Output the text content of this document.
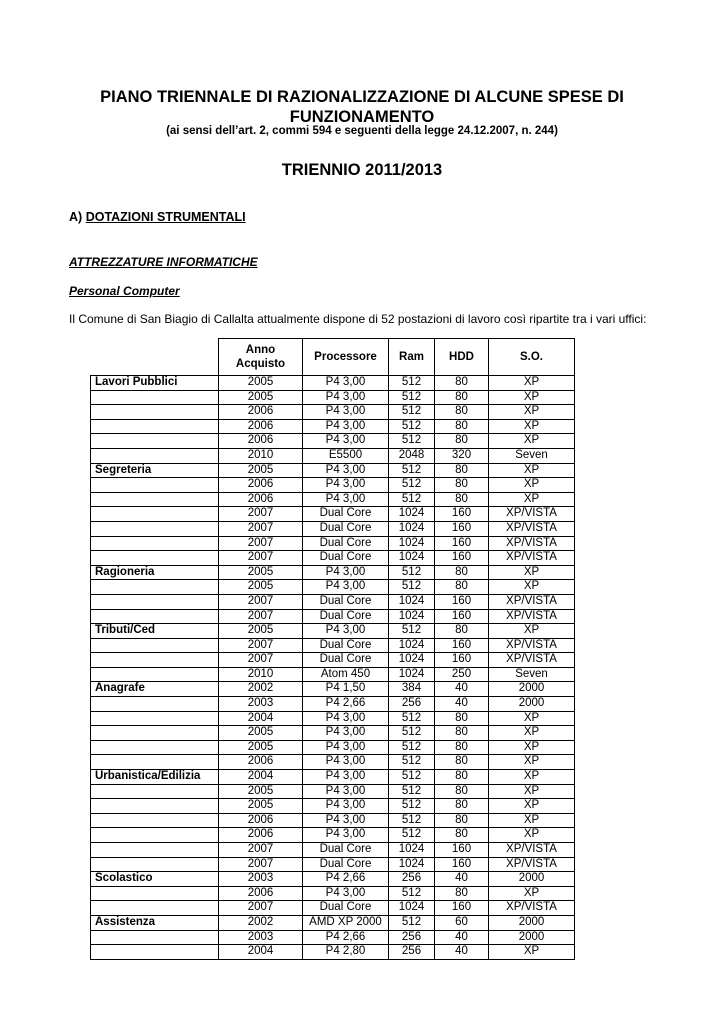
PIANO TRIENNALE DI RAZIONALIZZAZIONE DI ALCUNE SPESE DI
FUNZIONAMENTO
(ai sensi dell’art. 2, commi 594 e seguenti della legge 24.12.2007, n. 244)
TRIENNIO 2011/2013
A) DOTAZIONI STRUMENTALI
ATTREZZATURE INFORMATICHE
Personal Computer
Il Comune di San Biagio di Callalta attualmente dispone di 52 postazioni di lavoro così ripartite tra i vari uffici:

	Anno Acquisto	Processore	Ram	HDD	S.O.
Lavori Pubblici	2005	P4 3,00	512	80	XP
	2005	P4 3,00	512	80	XP
	2006	P4 3,00	512	80	XP
	2006	P4 3,00	512	80	XP
	2006	P4 3,00	512	80	XP
	2010	E5500	2048	320	Seven
Segreteria	2005	P4 3,00	512	80	XP
	2006	P4 3,00	512	80	XP
	2006	P4 3,00	512	80	XP
	2007	Dual Core	1024	160	XP/VISTA
	2007	Dual Core	1024	160	XP/VISTA
	2007	Dual Core	1024	160	XP/VISTA
	2007	Dual Core	1024	160	XP/VISTA
Ragioneria	2005	P4 3,00	512	80	XP
	2005	P4 3,00	512	80	XP
	2007	Dual Core	1024	160	XP/VISTA
	2007	Dual Core	1024	160	XP/VISTA
Tributi/Ced	2005	P4 3,00	512	80	XP
	2007	Dual Core	1024	160	XP/VISTA
	2007	Dual Core	1024	160	XP/VISTA
	2010	Atom 450	1024	250	Seven
Anagrafe	2002	P4 1,50	384	40	2000
	2003	P4 2,66	256	40	2000
	2004	P4 3,00	512	80	XP
	2005	P4 3,00	512	80	XP
	2005	P4 3,00	512	80	XP
	2006	P4 3,00	512	80	XP
Urbanistica/Edilizia	2004	P4 3,00	512	80	XP
	2005	P4 3,00	512	80	XP
	2005	P4 3,00	512	80	XP
	2006	P4 3,00	512	80	XP
	2006	P4 3,00	512	80	XP
	2007	Dual Core	1024	160	XP/VISTA
	2007	Dual Core	1024	160	XP/VISTA
Scolastico	2003	P4 2,66	256	40	2000
	2006	P4 3,00	512	80	XP
	2007	Dual Core	1024	160	XP/VISTA
Assistenza	2002	AMD XP 2000	512	60	2000
	2003	P4 2,66	256	40	2000
	2004	P4 2,80	256	40	XP
